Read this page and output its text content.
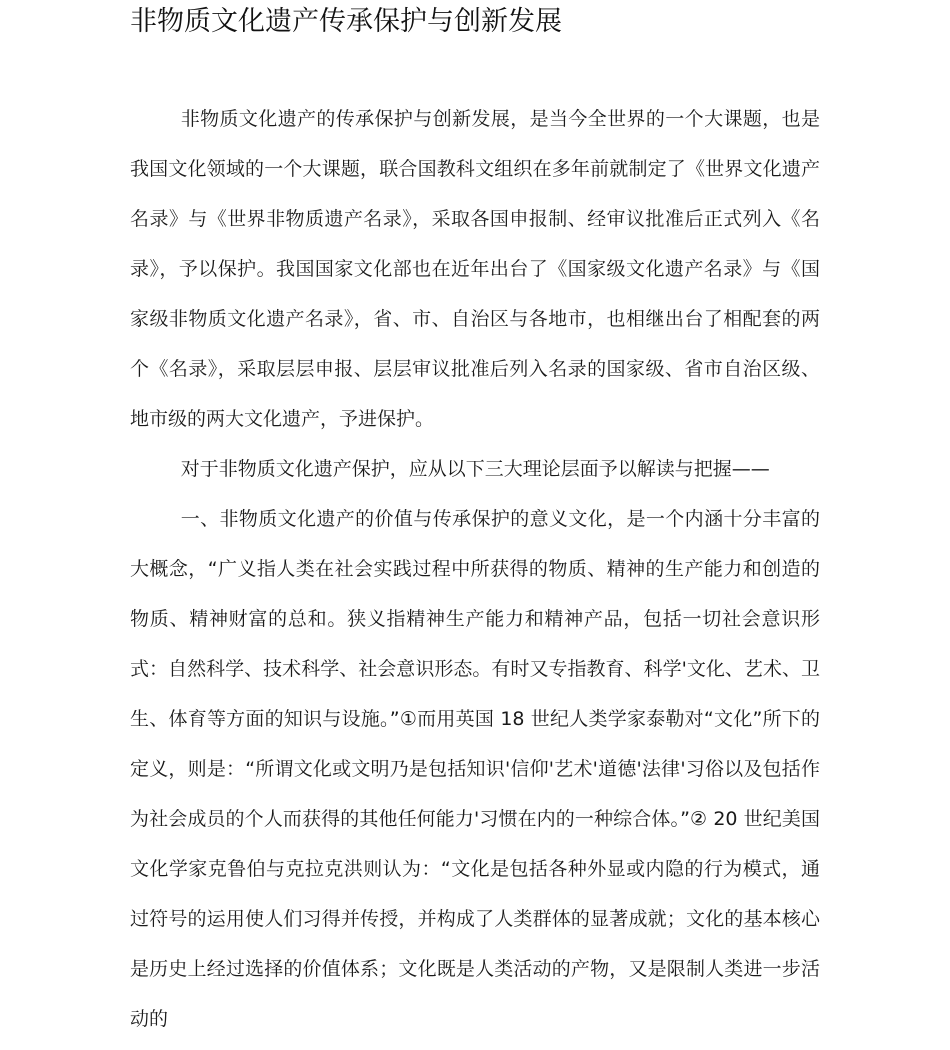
非物质文化遗产传承保护与创新发展

非物质文化遗产的传承保护与创新发展，是当今全世界的一个大课题，也是我国文化领域的一个大课题，联合国教科文组织在多年前就制定了《世界文化遗产名录》与《世界非物质遗产名录》，采取各国申报制、经审议批准后正式列入《名录》，予以保护。我国国家文化部也在近年出台了《国家级文化遗产名录》与《国家级非物质文化遗产名录》，省、市、自治区与各地市，也相继出台了相配套的两个《名录》，采取层层申报、层层审议批准后列入名录的国家级、省市自治区级、地市级的两大文化遗产，予进保护。

对于非物质文化遗产保护，应从以下三大理论层面予以解读与把握——

一、非物质文化遗产的价值与传承保护的意义文化，是一个内涵十分丰富的大概念，“广义指人类在社会实践过程中所获得的物质、精神的生产能力和创造的物质、精神财富的总和。狭义指精神生产能力和精神产品，包括一切社会意识形式：自然科学、技术科学、社会意识形态。有时又专指教育、科学'文化、艺术、卫生、体育等方面的知识与设施。”①而用英国 18 世纪人类学家泰勒对“文化”所下的定义，则是：“所谓文化或文明乃是包括知识'信仰'艺术'道德'法律'习俗以及包括作为社会成员的个人而获得的其他任何能力'习惯在内的一种综合体。”② 20 世纪美国文化学家克鲁伯与克拉克洪则认为：“文化是包括各种外显或内隐的行为模式，通过符号的运用使人们习得并传授，并构成了人类群体的显著成就；文化的基本核心是历史上经过选择的价值体系；文化既是人类活动的产物，又是限制人类进一步活动的
